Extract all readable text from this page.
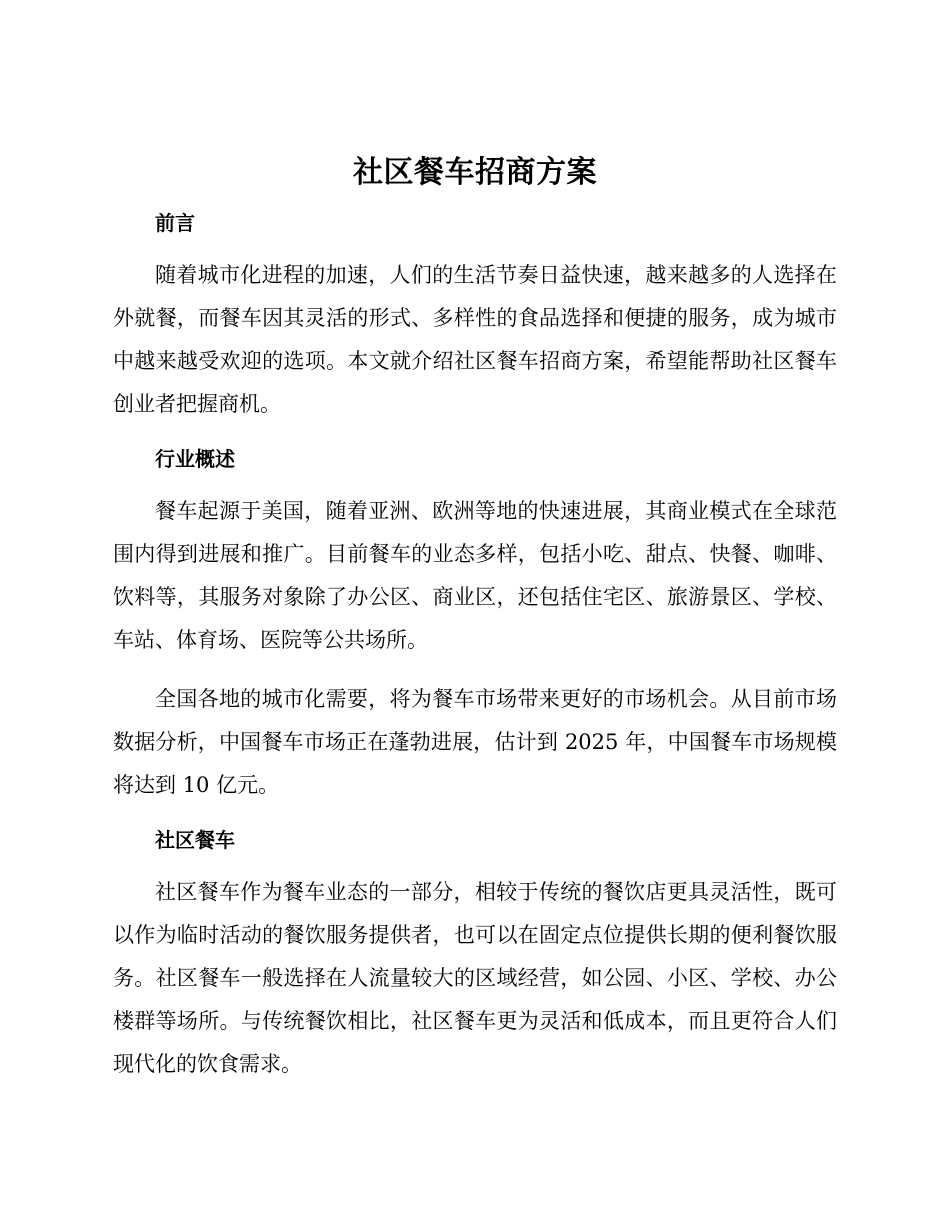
社区餐车招商方案
前言

随着城市化进程的加速，人们的生活节奏日益快速，越来越多的人选择在外就餐，而餐车因其灵活的形式、多样性的食品选择和便捷的服务，成为城市中越来越受欢迎的选项。本文就介绍社区餐车招商方案，希望能帮助社区餐车创业者把握商机。

行业概述

餐车起源于美国，随着亚洲、欧洲等地的快速进展，其商业模式在全球范围内得到进展和推广。目前餐车的业态多样，包括小吃、甜点、快餐、咖啡、饮料等，其服务对象除了办公区、商业区，还包括住宅区、旅游景区、学校、车站、体育场、医院等公共场所。

全国各地的城市化需要，将为餐车市场带来更好的市场机会。从目前市场数据分析，中国餐车市场正在蓬勃进展，估计到 2025 年，中国餐车市场规模将达到 10 亿元。

社区餐车

社区餐车作为餐车业态的一部分，相较于传统的餐饮店更具灵活性，既可以作为临时活动的餐饮服务提供者，也可以在固定点位提供长期的便利餐饮服务。社区餐车一般选择在人流量较大的区域经营，如公园、小区、学校、办公楼群等场所。与传统餐饮相比，社区餐车更为灵活和低成本，而且更符合人们现代化的饮食需求。
